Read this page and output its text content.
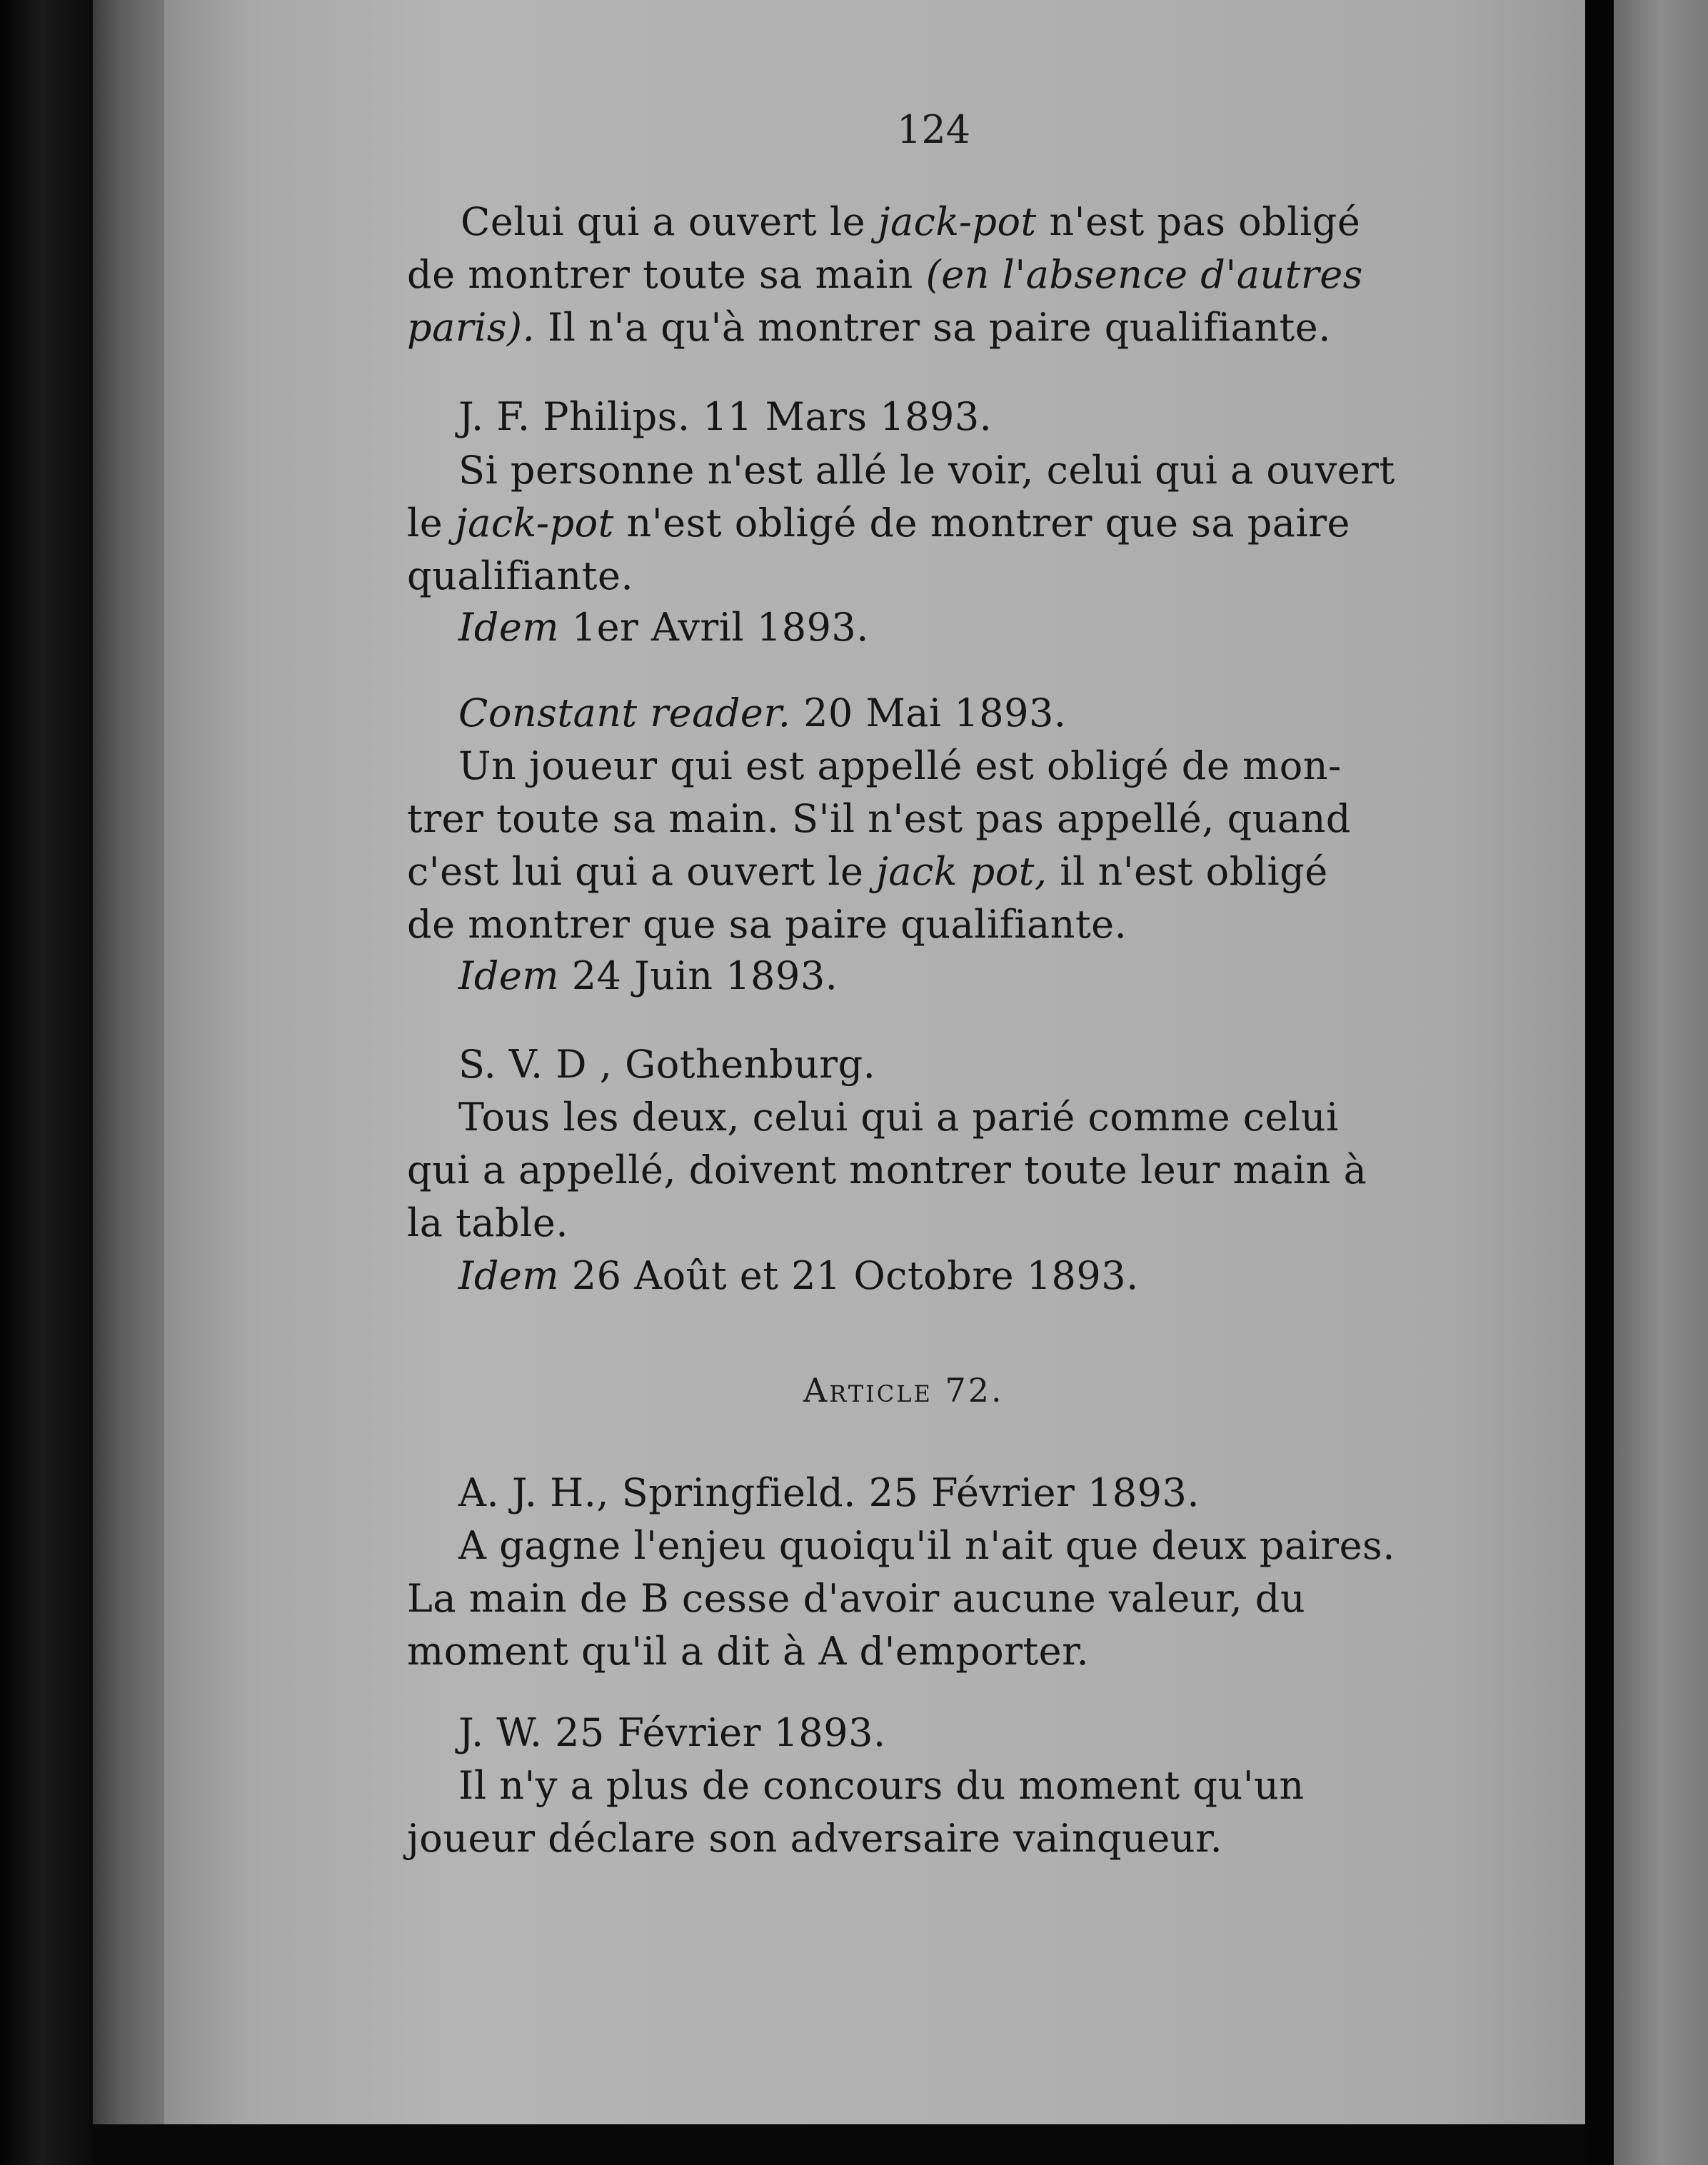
124
Celui qui a ouvert le jack-pot n'est pas obligé
de montrer toute sa main (en l'absence d'autres
paris). Il n'a qu'à montrer sa paire qualifiante.
J. F. Philips. 11 Mars 1893.
Si personne n'est allé le voir, celui qui a ouvert
le jack-pot n'est obligé de montrer que sa paire
qualifiante.
Idem 1er Avril 1893.
Constant reader. 20 Mai 1893.
Un joueur qui est appellé est obligé de mon-
trer toute sa main. S'il n'est pas appellé, quand
c'est lui qui a ouvert le jack pot, il n'est obligé
de montrer que sa paire qualifiante.
Idem 24 Juin 1893.
S. V. D , Gothenburg.
Tous les deux, celui qui a parié comme celui
qui a appellé, doivent montrer toute leur main à
la table.
Idem 26 Août et 21 Octobre 1893.
Article 72.
A. J. H., Springfield. 25 Février 1893.
A gagne l'enjeu quoiqu'il n'ait que deux paires.
La main de B cesse d'avoir aucune valeur, du
moment qu'il a dit à A d'emporter.
J. W. 25 Février 1893.
Il n'y a plus de concours du moment qu'un
joueur déclare son adversaire vainqueur.
